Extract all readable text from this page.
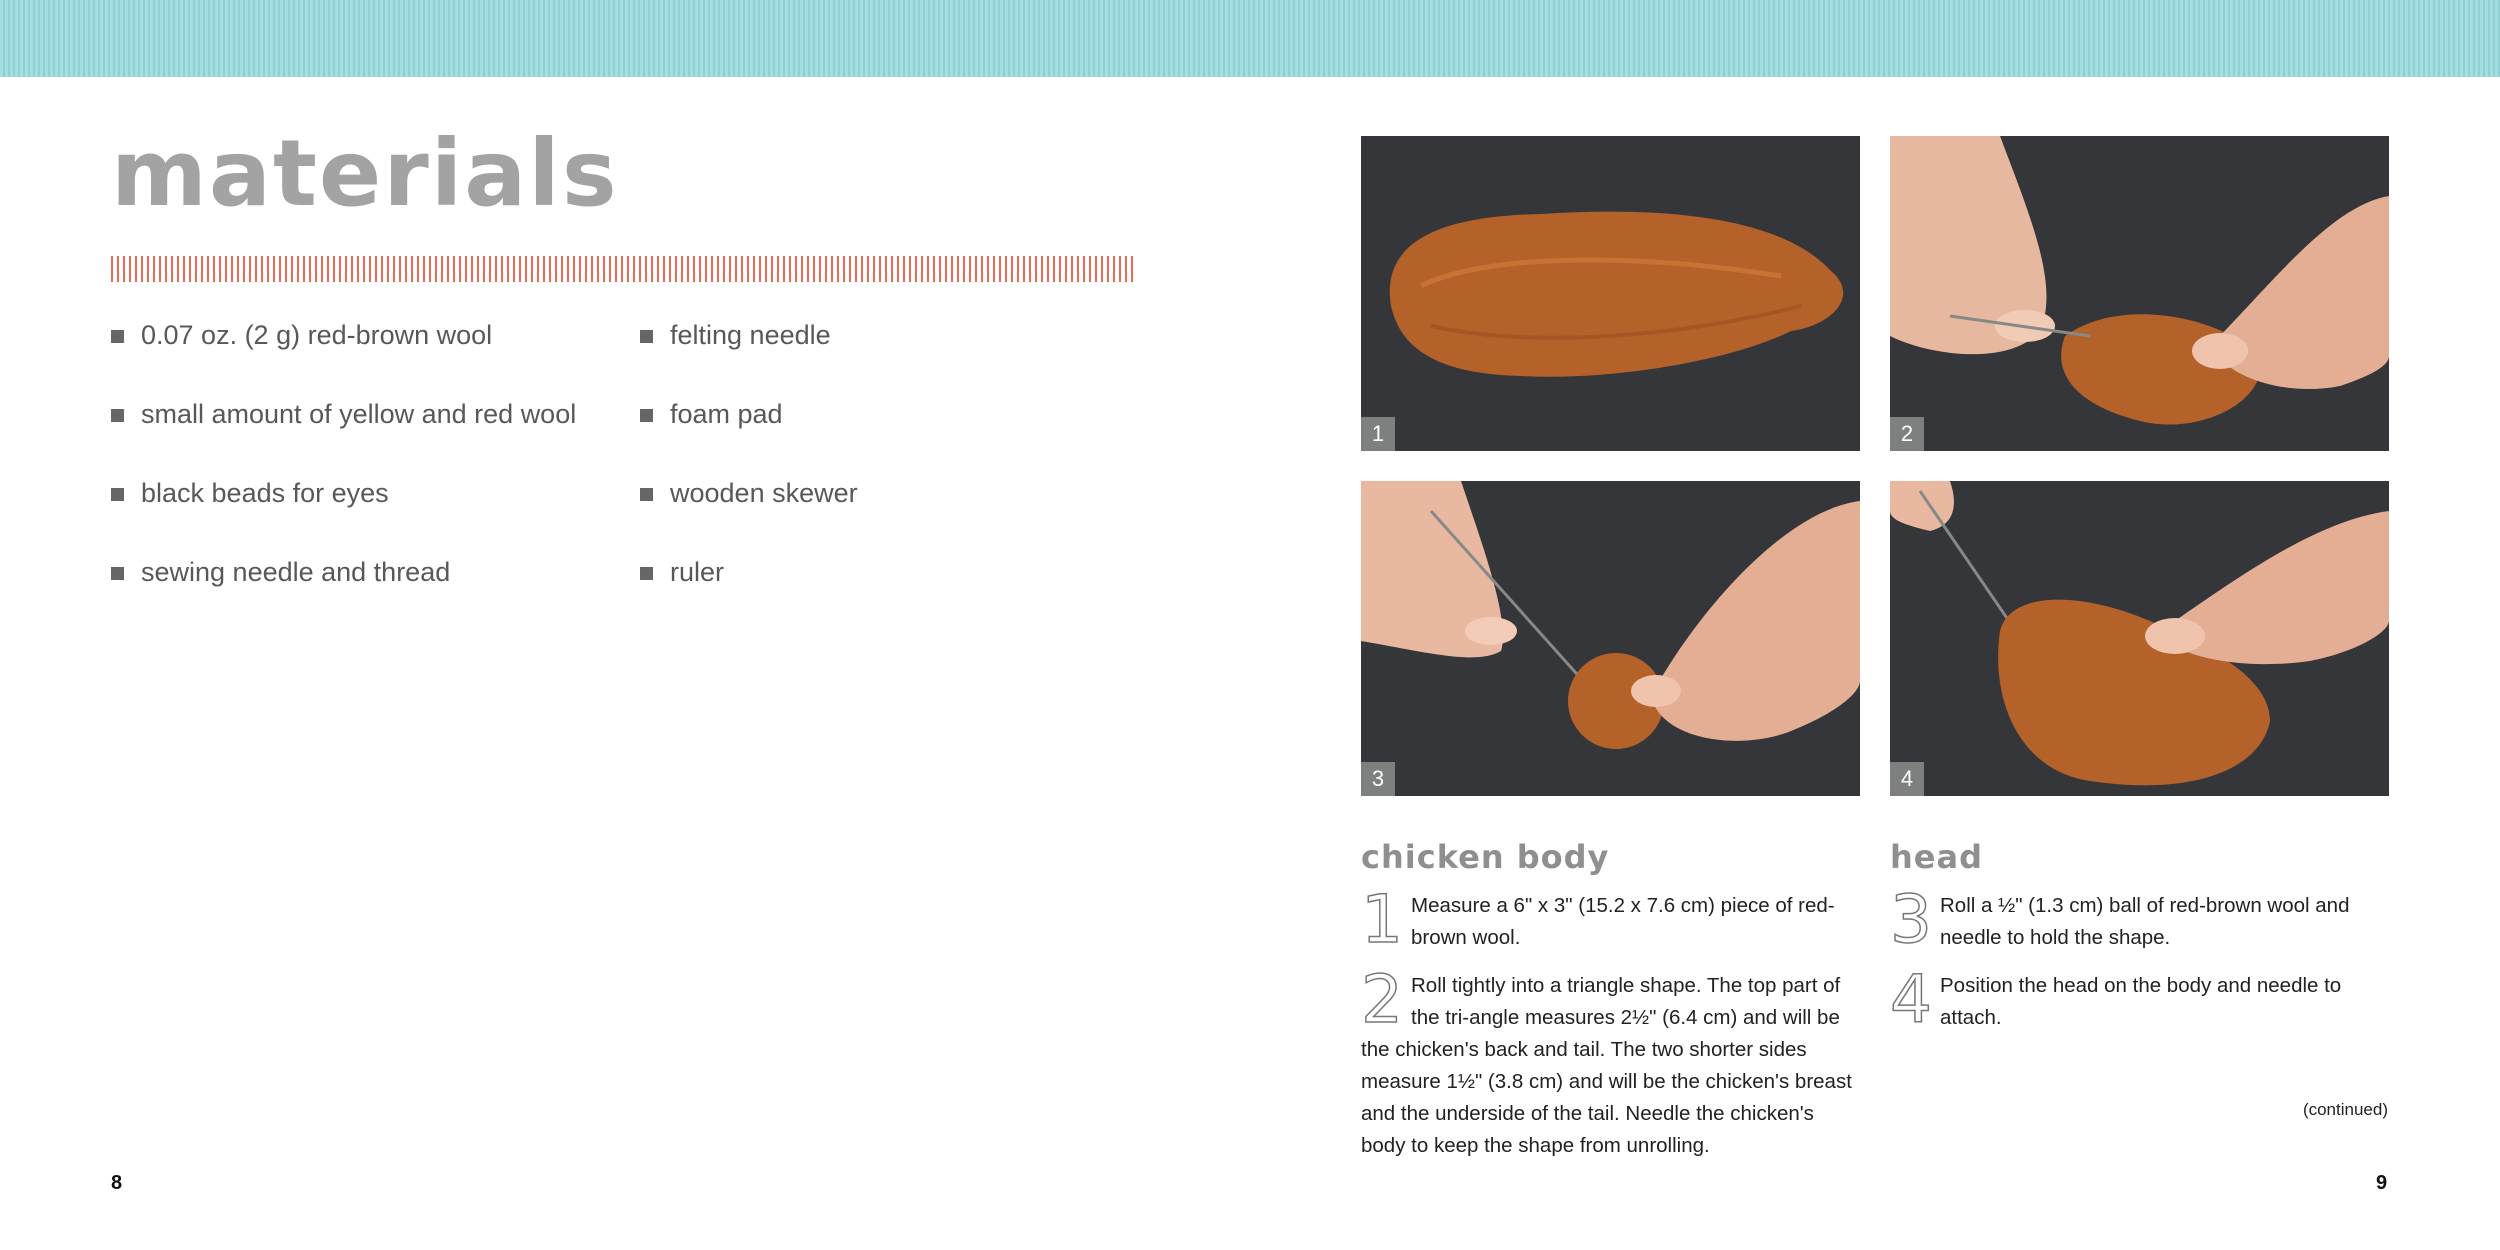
materials
0.07 oz. (2 g) red-brown wool
small amount of yellow and red wool
black beads for eyes
sewing needle and thread
felting needle
foam pad
wooden skewer
ruler
8
1	2
3	4
chicken body	head
1 Measure a 6" x 3" (15.2 x 7.6 cm) piece of red-brown wool.
2 Roll tightly into a triangle shape. The top part of the tri-angle measures 2½" (6.4 cm) and will be the chicken's back and tail. The two shorter sides measure 1½" (3.8 cm) and will be the chicken's breast and the underside of the tail. Needle the chicken's body to keep the shape from unrolling.
3 Roll a ½" (1.3 cm) ball of red-brown wool and needle to hold the shape.
4 Position the head on the body and needle to attach.
(continued)
9
